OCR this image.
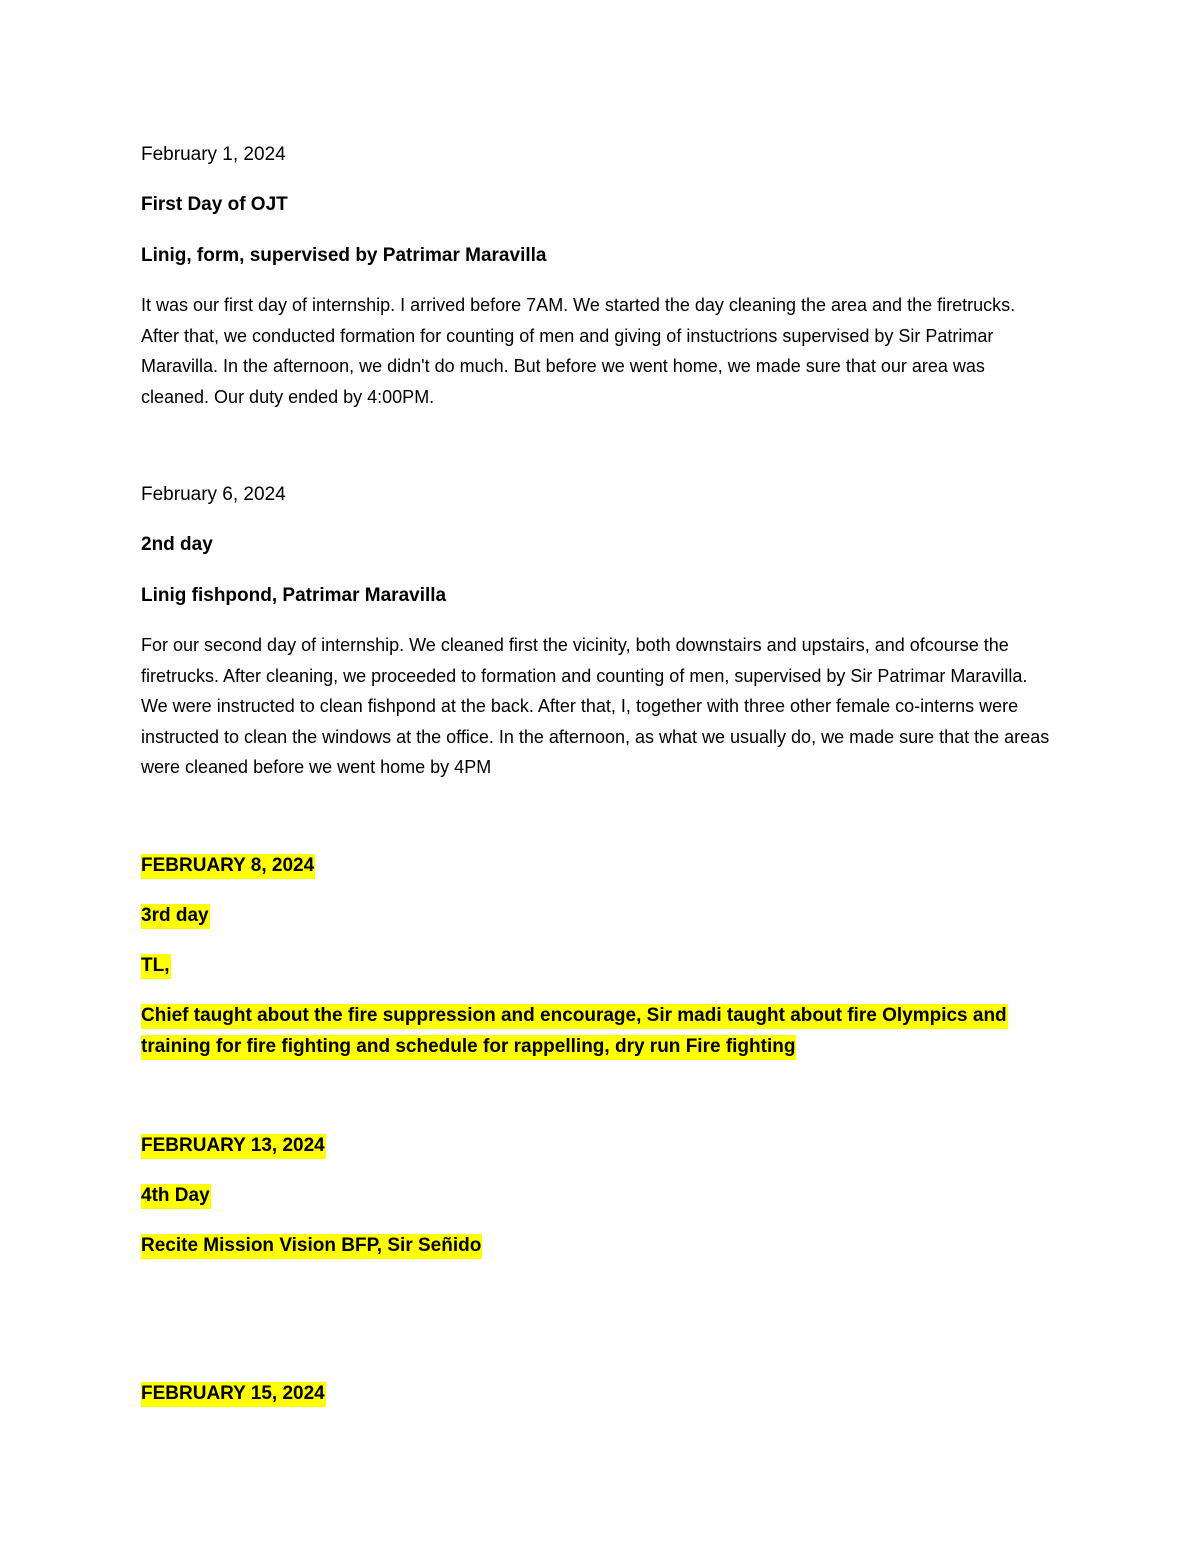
February 1, 2024

First Day of OJT

Linig, form, supervised by Patrimar Maravilla

It was our first day of internship. I arrived before 7AM. We started the day cleaning the area and the firetrucks. After that, we conducted formation for counting of men and giving of instuctrions supervised by Sir Patrimar Maravilla. In the afternoon, we didn't do much. But before we went home, we made sure that our area was cleaned. Our duty ended by 4:00PM.

February 6, 2024

2nd day

Linig fishpond, Patrimar Maravilla

For our second day of internship. We cleaned first the vicinity, both downstairs and upstairs, and ofcourse the firetrucks. After cleaning, we proceeded to formation and counting of men, supervised by Sir Patrimar Maravilla. We were instructed to clean fishpond at the back. After that, I, together with three other female co-interns were instructed to clean the windows at the office. In the afternoon, as what we usually do, we made sure that the areas were cleaned before we went home by 4PM

FEBRUARY 8, 2024

3rd day

TL,

Chief taught about the fire suppression and encourage, Sir madi taught about fire Olympics and training for fire fighting and schedule for rappelling, dry run Fire fighting

FEBRUARY 13, 2024

4th Day

Recite Mission Vision BFP, Sir Señido

FEBRUARY 15, 2024
